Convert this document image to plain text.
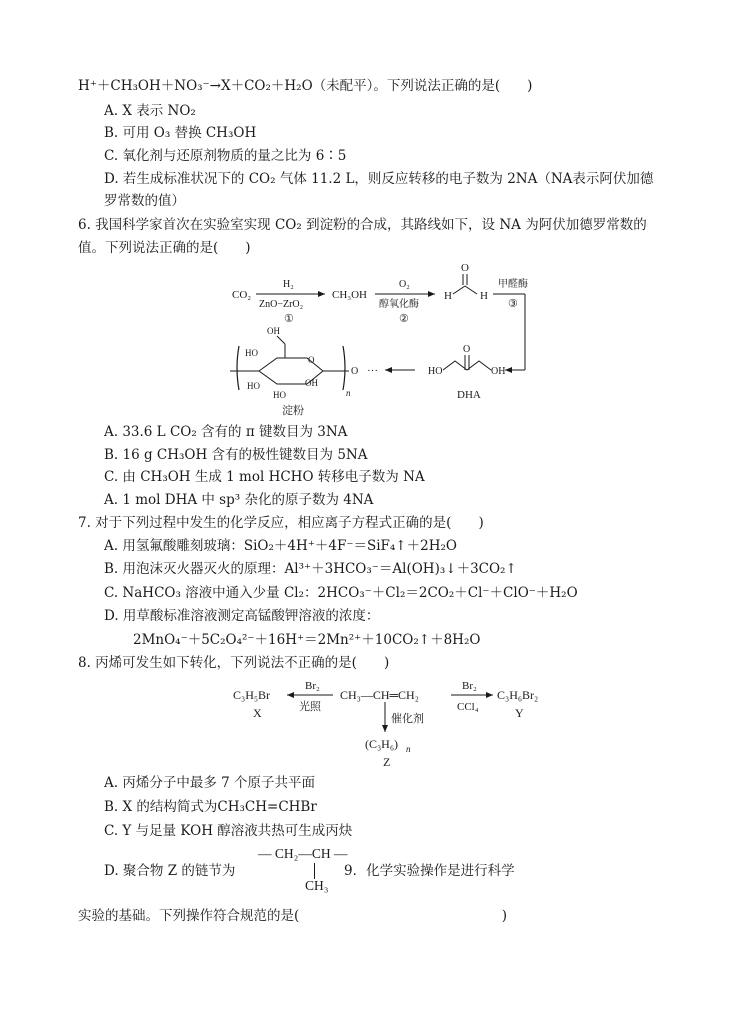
H⁺＋CH₃OH＋NO₃⁻→X＋CO₂＋H₂O（未配平）。下列说法正确的是(　　)
A. X 表示 NO₂
B. 可用 O₃ 替换 CH₃OH
C. 氧化剂与还原剂物质的量之比为 6∶5
D. 若生成标准状况下的 CO₂ 气体 11.2 L，则反应转移的电子数为 2NA（NA表示阿伏加德
罗常数的值）
6. 我国科学家首次在实验室实现 CO₂ 到淀粉的合成，其路线如下，设 NA 为阿伏加德罗常数的
值。下列说法正确的是(　　)
CO₂
H₂
ZnO−ZrO₂
①
CH₃OH
O₂
醇氧化酶
②
O
H	H
甲醛酶
③
HO
O
OH
DHA
···
O
n
O
OH
HO
OH
HO
HO
淀粉
A. 33.6 L CO₂ 含有的 π 键数目为 3NA
B. 16 g CH₃OH 含有的极性键数目为 5NA
C. 由 CH₃OH 生成 1 mol HCHO 转移电子数为 NA
A. 1 mol DHA 中 sp³ 杂化的原子数为 4NA
7. 对于下列过程中发生的化学反应，相应离子方程式正确的是(　　)
A. 用氢氟酸雕刻玻璃：SiO₂＋4H⁺＋4F⁻＝SiF₄↑＋2H₂O
B. 用泡沫灭火器灭火的原理：Al³⁺＋3HCO₃⁻＝Al(OH)₃↓＋3CO₂↑
C. NaHCO₃ 溶液中通入少量 Cl₂：2HCO₃⁻＋Cl₂＝2CO₂＋Cl⁻＋ClO⁻＋H₂O
D. 用草酸标准溶液测定高锰酸钾溶液的浓度：
2MnO₄⁻＋5C₂O₄²⁻＋16H⁺＝2Mn²⁺＋10CO₂↑＋8H₂O
8. 丙烯可发生如下转化，下列说法不正确的是(　　)
C₃H₅Br
X
Br₂
光照
CH₃—CH═CH₂
Br₂
CCl₄
C₃H₆Br₂
Y
催化剂
(C₃H₆) n
Z
A. 丙烯分子中最多 7 个原子共平面
B. X 的结构简式为CH₃CH=CHBr
C. Y 与足量 KOH 醇溶液共热可生成丙炔
D. 聚合物 Z 的链节为
— CH₂—CH —
CH₃
9．化学实验操作是进行科学
实验的基础。下列操作符合规范的是(　　　　　　　　　　　　　　　)
